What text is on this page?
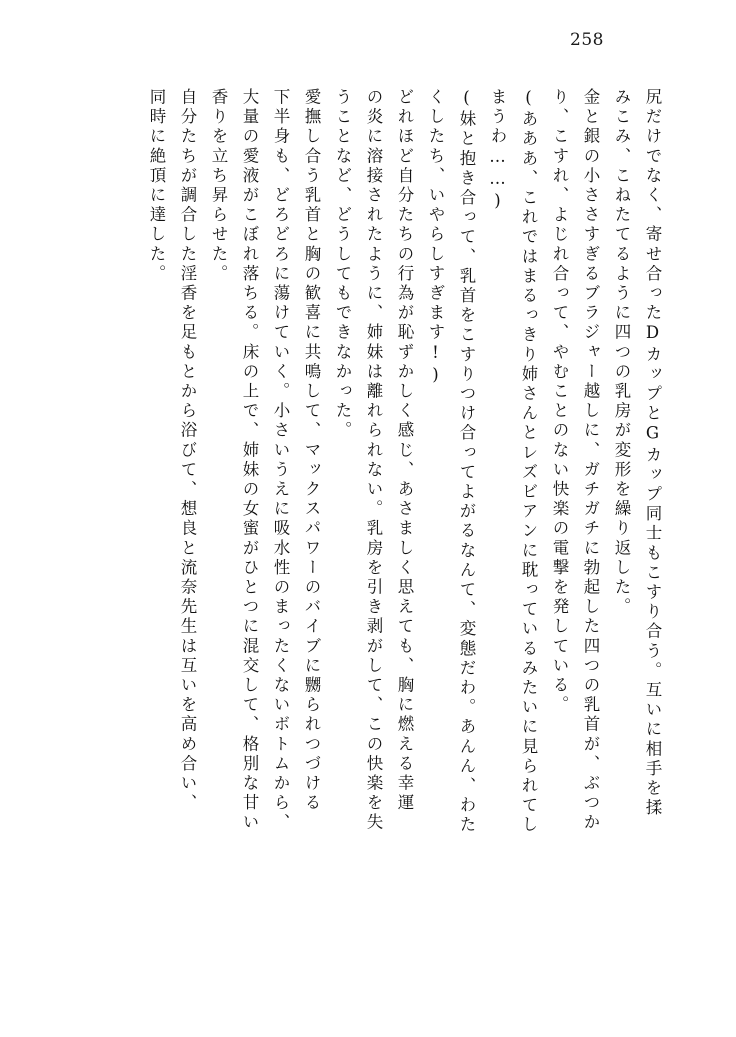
258
尻だけでなく、寄せ合ったDカップとGカップ同士もこすり合う。互いに相手を揉
みこみ、こねたてるように四つの乳房が変形を繰り返した。
金と銀の小ささすぎるブラジャー越しに、ガチガチに勃起した四つの乳首が、ぶつか
り、こすれ、よじれ合って、やむことのない快楽の電撃を発している。
(あああ、これではまるっきり姉さんとレズビアンに耽っているみたいに見られてし
まうわ……)
(妹と抱き合って、乳首をこすりつけ合ってよがるなんて、変態だわ。あんん、わた
くしたち、いやらしすぎます!)
どれほど自分たちの行為が恥ずかしく感じ、あさましく思えても、胸に燃える幸運
の炎に溶接されたように、姉妹は離れられない。乳房を引き剥がして、この快楽を失
うことなど、どうしてもできなかった。
愛撫し合う乳首と胸の歓喜に共鳴して、マックスパワーのバイブに嬲られつづける
下半身も、どろどろに蕩けていく。小さいうえに吸水性のまったくないボトムから、
大量の愛液がこぼれ落ちる。床の上で、姉妹の女蜜がひとつに混交して、格別な甘い
香りを立ち昇らせた。
自分たちが調合した淫香を足もとから浴びて、想良と流奈先生は互いを高め合い、
同時に絶頂に達した。
